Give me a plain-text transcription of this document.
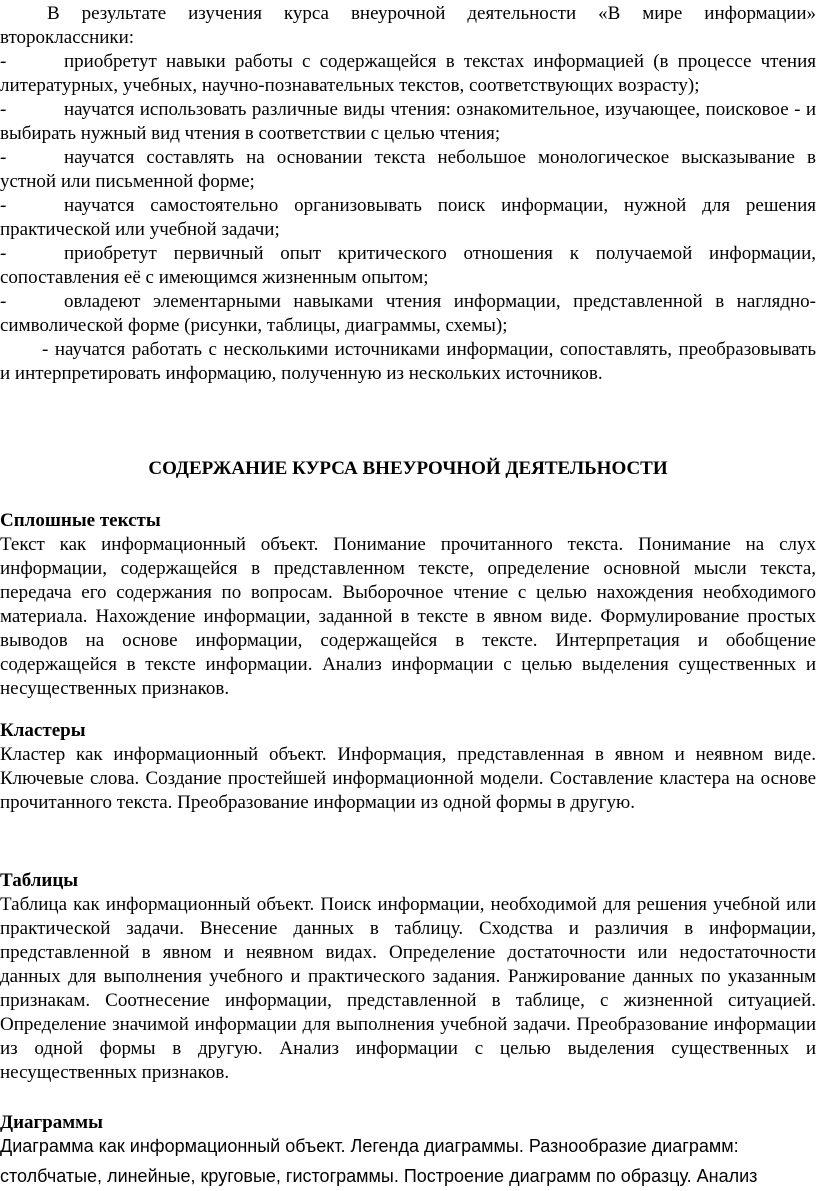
В результате изучения курса внеурочной деятельности «В мире информации» второклассники:
-	приобретут навыки работы с содержащейся в текстах информацией (в процессе чтения литературных, учебных, научно-познавательных текстов, соответствующих возрасту);
-	научатся использовать различные виды чтения: ознакомительное, изучающее, поисковое - и выбирать нужный вид чтения в соответствии с целью чтения;
-	научатся составлять на основании текста небольшое монологическое высказывание в устной или письменной форме;
-	научатся самостоятельно организовывать поиск информации, нужной для решения практической или учебной задачи;
-	приобретут первичный опыт критического отношения к получаемой информации, сопоставления её с имеющимся жизненным опытом;
-	овладеют элементарными навыками чтения информации, представленной в наглядно-символической форме (рисунки, таблицы, диаграммы, схемы);
- научатся работать с несколькими источниками информации, сопоставлять, преобразовывать и интерпретировать информацию, полученную из нескольких источников.
СОДЕРЖАНИЕ КУРСА ВНЕУРОЧНОЙ ДЕЯТЕЛЬНОСТИ
Сплошные тексты
Текст как информационный объект. Понимание прочитанного текста. Понимание на слух информации, содержащейся в представленном тексте, определение основной мысли текста, передача его содержания по вопросам. Выборочное чтение с целью нахождения необходимого материала. Нахождение информации, заданной в тексте в явном виде. Формулирование простых выводов на основе информации, содержащейся в тексте. Интерпретация и обобщение содержащейся в тексте информации. Анализ информации с целью выделения существенных и несущественных признаков.
Кластеры
Кластер как информационный объект. Информация, представленная в явном и неявном виде. Ключевые слова. Создание простейшей информационной модели. Составление кластера на основе прочитанного текста. Преобразование информации из одной формы в другую.
Таблицы
Таблица как информационный объект. Поиск информации, необходимой для решения учебной или практической задачи. Внесение данных в таблицу. Сходства и различия в информации, представленной в явном и неявном видах. Определение достаточности или недостаточности данных для выполнения учебного и практического задания. Ранжирование данных по указанным признакам. Соотнесение информации, представленной в таблице, с жизненной ситуацией. Определение значимой информации для выполнения учебной задачи. Преобразование информации из одной формы в другую. Анализ информации с целью выделения существенных и несущественных признаков.
Диаграммы
Диаграмма как информационный объект. Легенда диаграммы. Разнообразие диаграмм: столбчатые, линейные, круговые, гистограммы. Построение диаграмм по образцу. Анализ
